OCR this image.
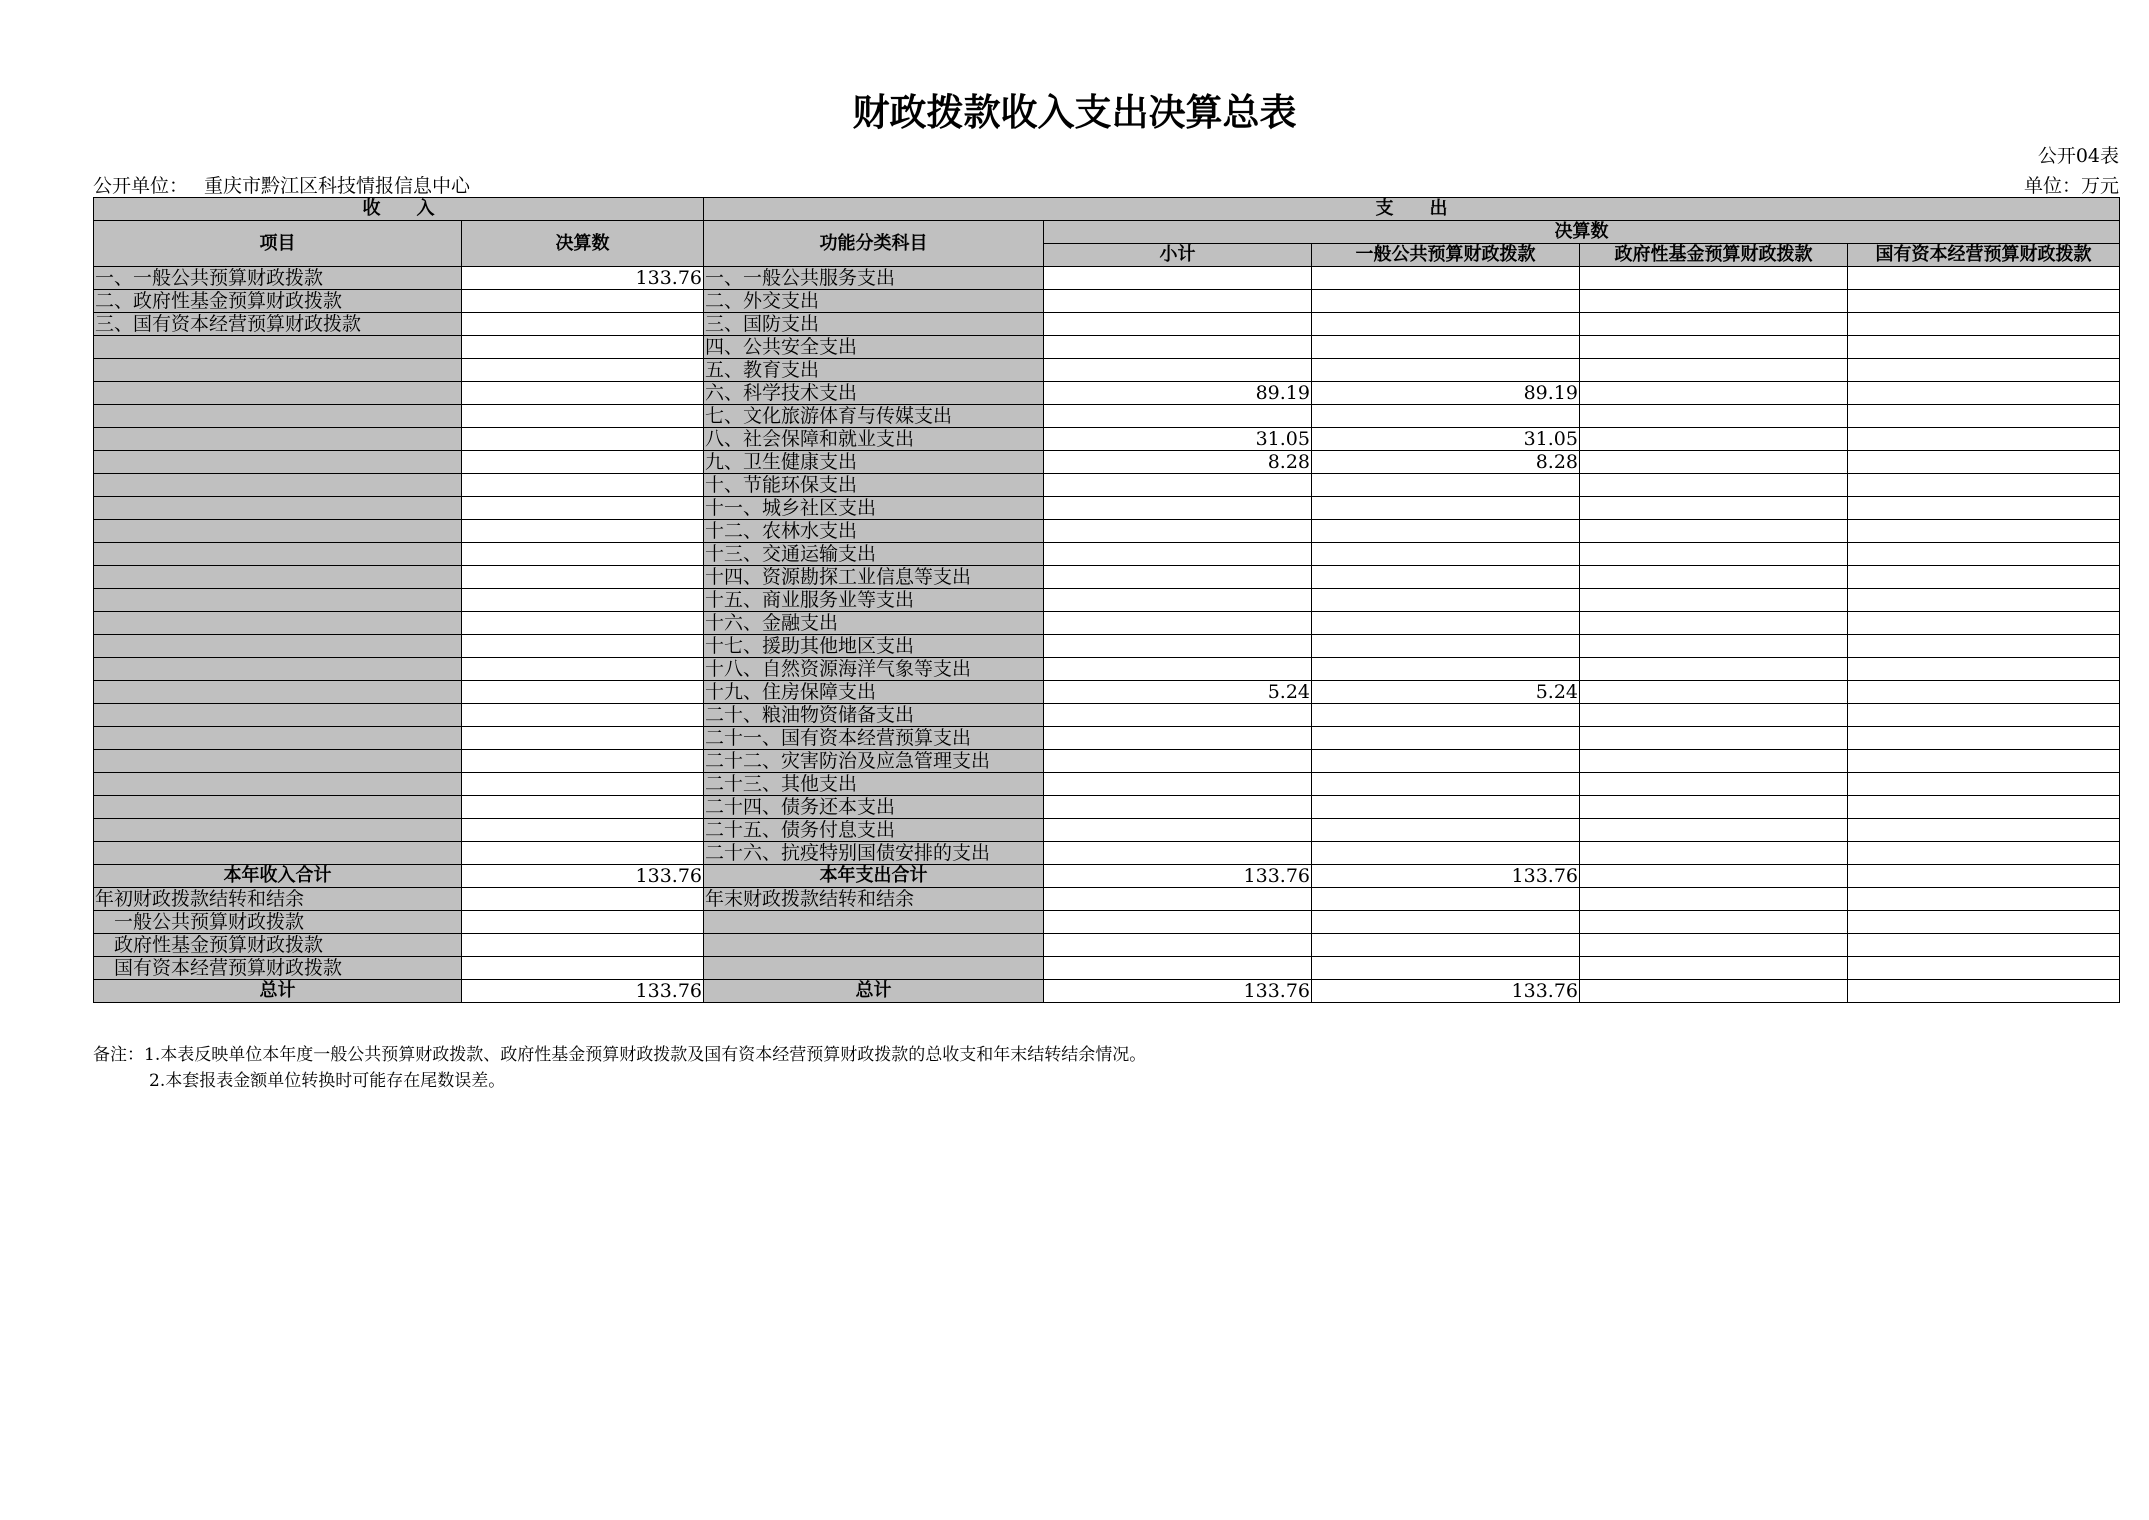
财政拨款收入支出决算总表
公开04表
公开单位： 重庆市黔江区科技情报信息中心	单位：万元
收　　入		支　　出				
项目	决算数	功能分类科目	决算数			
			小计	一般公共预算财政拨款	政府性基金预算财政拨款	国有资本经营预算财政拨款
一、一般公共预算财政拨款	133.76	一、一般公共服务支出				
二、政府性基金预算财政拨款		二、外交支出				
三、国有资本经营预算财政拨款		三、国防支出				
		四、公共安全支出				
		五、教育支出				
		六、科学技术支出	89.19	89.19		
		七、文化旅游体育与传媒支出				
		八、社会保障和就业支出	31.05	31.05		
		九、卫生健康支出	8.28	8.28		
		十、节能环保支出				
		十一、城乡社区支出				
		十二、农林水支出				
		十三、交通运输支出				
		十四、资源勘探工业信息等支出				
		十五、商业服务业等支出				
		十六、金融支出				
		十七、援助其他地区支出				
		十八、自然资源海洋气象等支出				
		十九、住房保障支出	5.24	5.24		
		二十、粮油物资储备支出				
		二十一、国有资本经营预算支出				
		二十二、灾害防治及应急管理支出				
		二十三、其他支出				
		二十四、债务还本支出				
		二十五、债务付息支出				
		二十六、抗疫特别国债安排的支出				
本年收入合计	133.76	本年支出合计	133.76	133.76		
年初财政拨款结转和结余		年末财政拨款结转和结余				
一般公共预算财政拨款						
政府性基金预算财政拨款						
国有资本经营预算财政拨款						
总计	133.76	总计	133.76	133.76		
备注：1.本表反映单位本年度一般公共预算财政拨款、政府性基金预算财政拨款及国有资本经营预算财政拨款的总收支和年末结转结余情况。
2.本套报表金额单位转换时可能存在尾数误差。
